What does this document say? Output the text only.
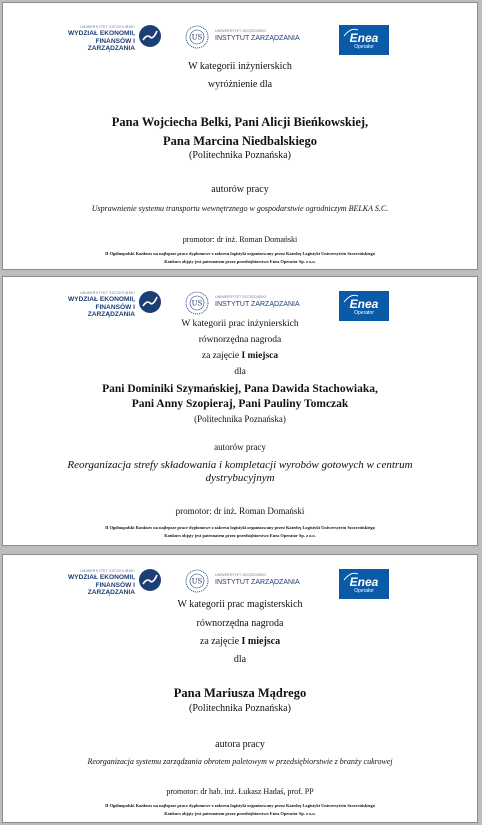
UNIWERSYTET SZCZECIŃSKI
WYDZIAŁ EKONOMII,
FINANSÓW I ZARZĄDZANIA
US
UNIWERSYTET SZCZECIŃSKI
INSTYTUT ZARZĄDZANIA	Enea
Operator
W kategorii inżynierskich
wyróżnienie dla
Pana Wojciecha Belki, Pani Alicji Bieńkowskiej,
Pana Marcina Niedbalskiego
(Politechnika Poznańska)
autorów pracy
Usprawnienie systemu transportu wewnętrznego w gospodarstwie ogrodniczym BELKA S.C.
promotor: dr inż. Roman Domański
II Ogólnopolski Konkurs na najlepsze prace dyplomowe z zakresu logistyki organizowany przez Katedrę Logistyki Uniwersytetu Szczecińskiego
Konkurs objęty jest patronatem przez przedsiębiorstwo Enea Operator Sp. z o.o.
UNIWERSYTET SZCZECIŃSKI
WYDZIAŁ EKONOMII,
FINANSÓW I ZARZĄDZANIA
US
UNIWERSYTET SZCZECIŃSKI
INSTYTUT ZARZĄDZANIA	Enea
Operator
W kategorii prac inżynierskich
równorzędna nagroda
za zajęcie I miejsca
dla
Pani Dominiki Szymańskiej, Pana Dawida Stachowiaka,
Pani Anny Szopieraj, Pani Pauliny Tomczak
(Politechnika Poznańska)
autorów pracy
Reorganizacja strefy składowania i kompletacji wyrobów gotowych w centrum dystrybucyjnym
promotor: dr inż. Roman Domański
II Ogólnopolski Konkurs na najlepsze prace dyplomowe z zakresu logistyki organizowany przez Katedrę Logistyki Uniwersytetu Szczecińskiego
Konkurs objęty jest patronatem przez przedsiębiorstwo Enea Operator Sp. z o.o.
UNIWERSYTET SZCZECIŃSKI
WYDZIAŁ EKONOMII,
FINANSÓW I ZARZĄDZANIA
US
UNIWERSYTET SZCZECIŃSKI
INSTYTUT ZARZĄDZANIA	Enea
Operator
W kategorii prac magisterskich
równorzędna nagroda
za zajęcie I miejsca
dla
Pana Mariusza Mądrego
(Politechnika Poznańska)
autora pracy
Reorganizacja systemu zarządzania obrotem paletowym w przedsiębiorstwie z branży cukrowej
promotor: dr hab. inż. Łukasz Hadaś, prof. PP
II Ogólnopolski Konkurs na najlepsze prace dyplomowe z zakresu logistyki organizowany przez Katedrę Logistyki Uniwersytetu Szczecińskiego
Konkurs objęty jest patronatem przez przedsiębiorstwo Enea Operator Sp. z o.o.
